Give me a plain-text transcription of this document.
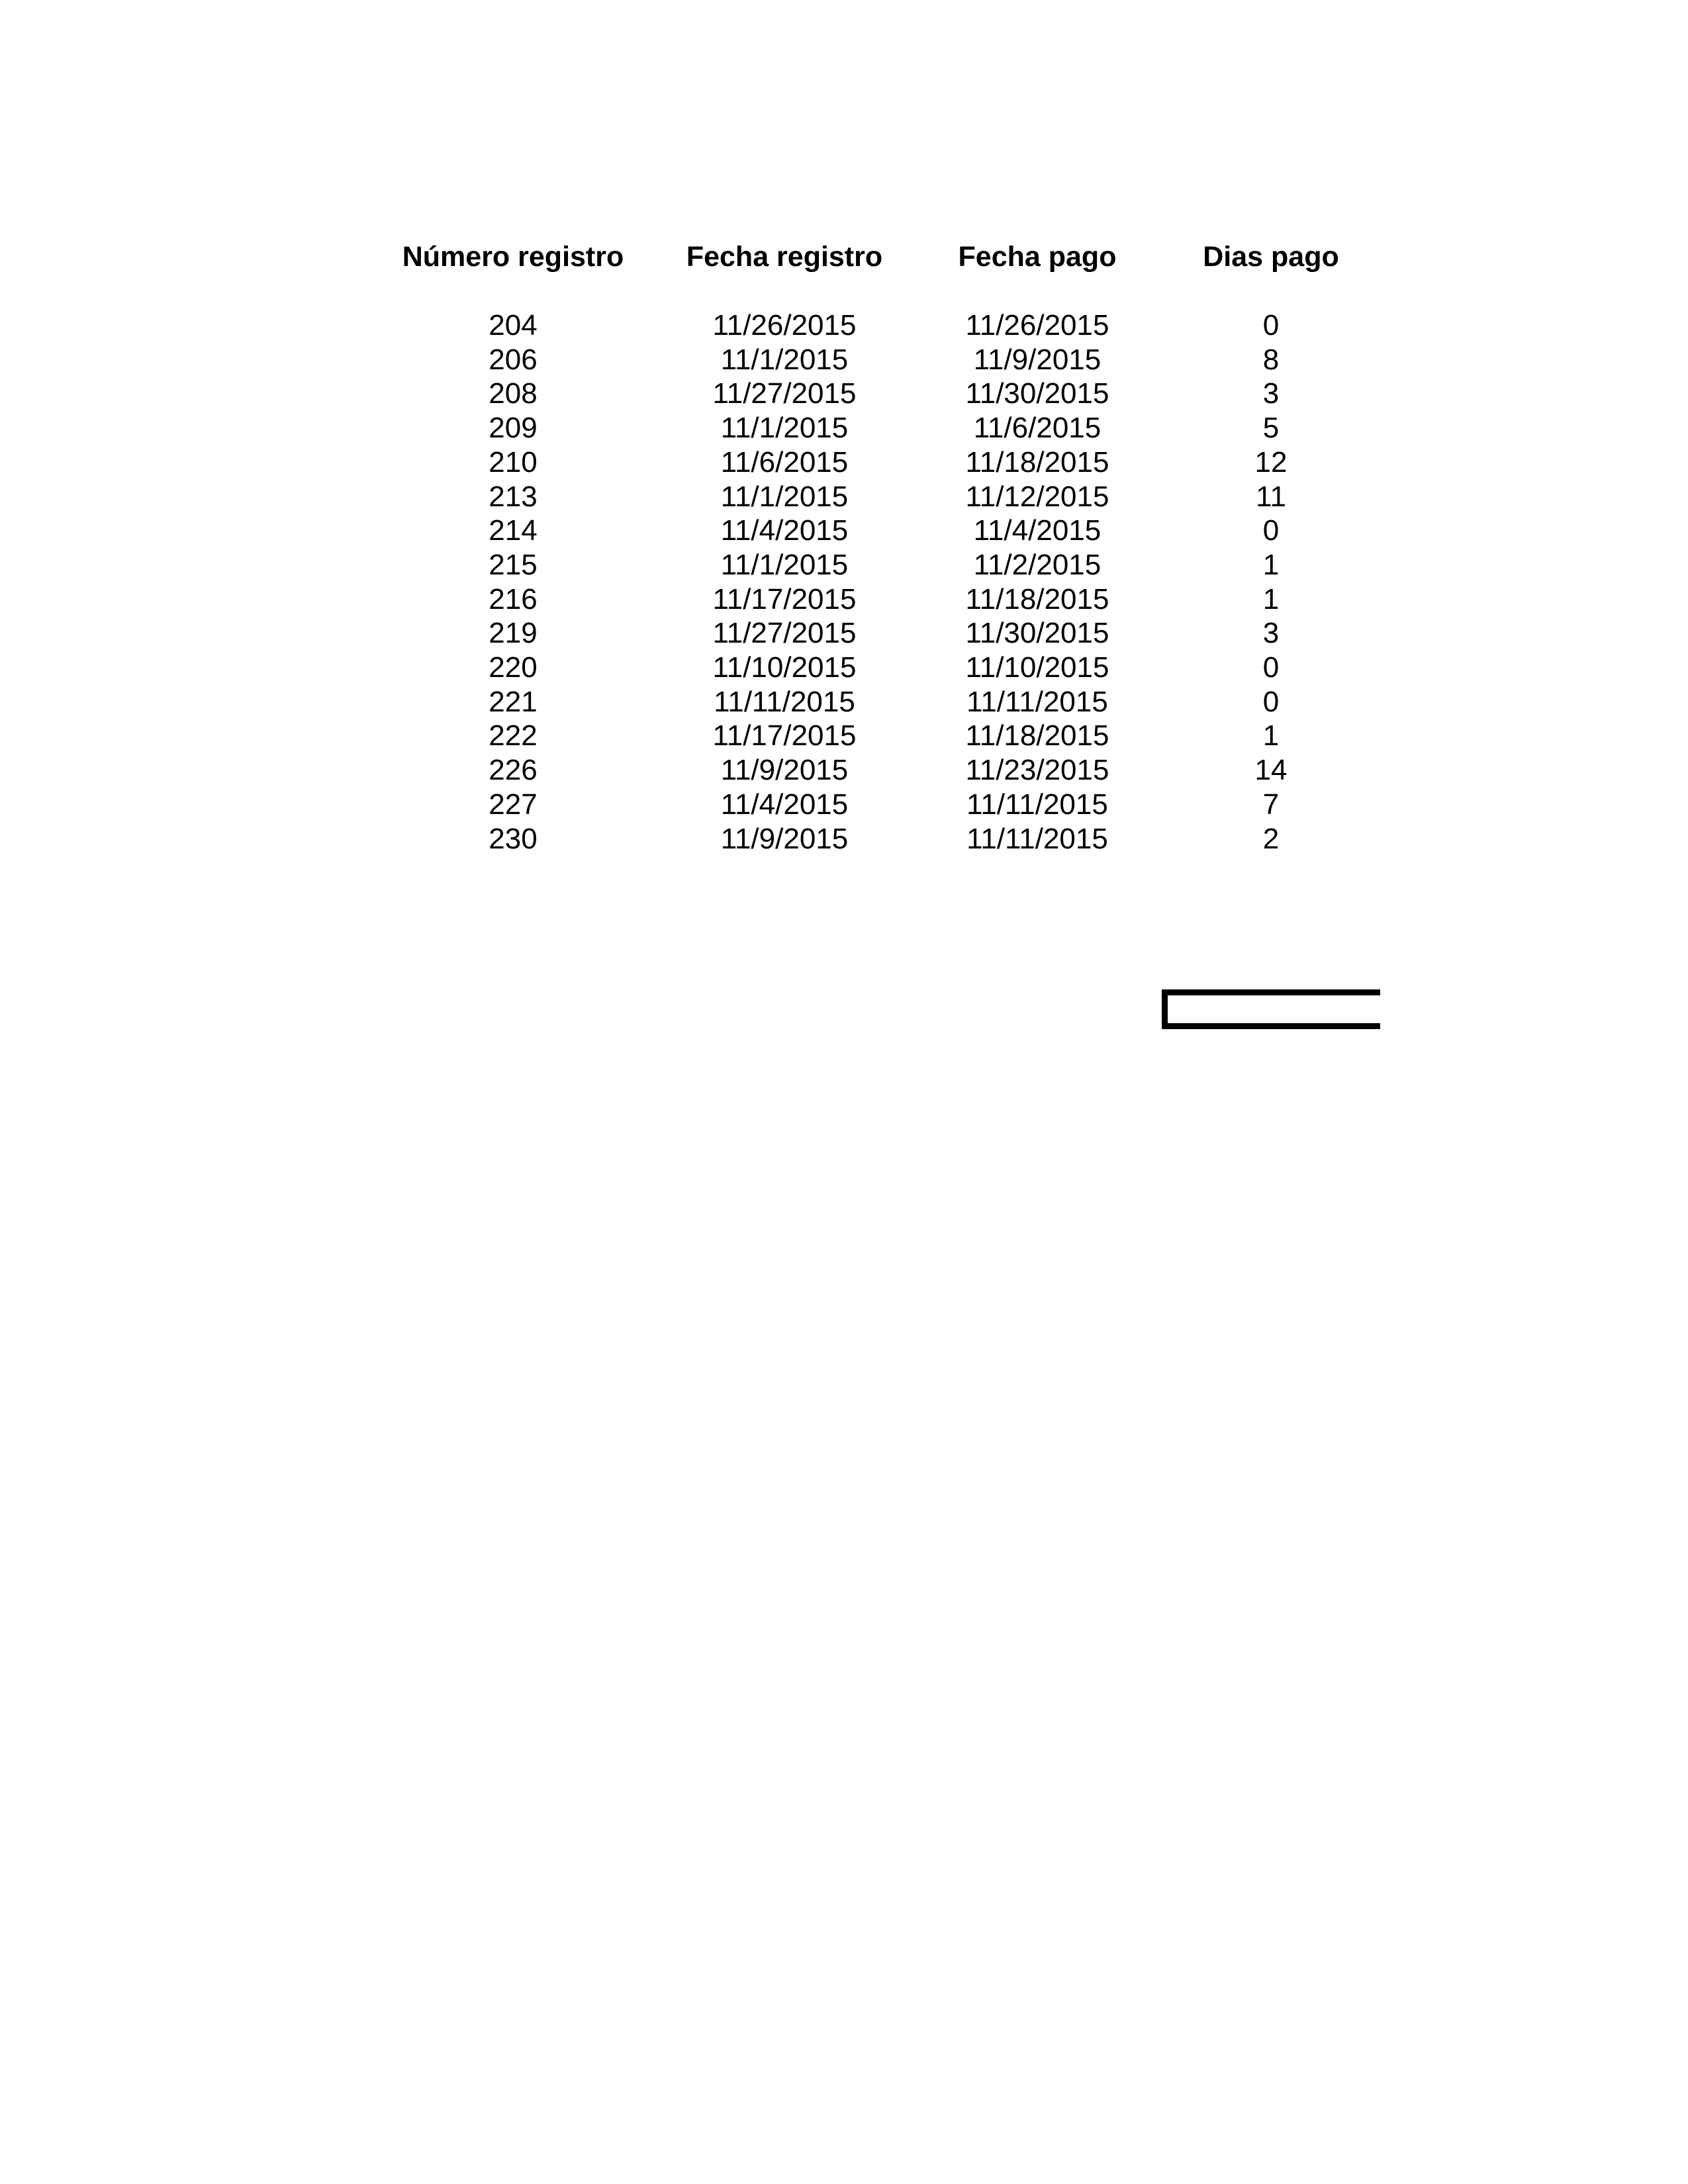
Número registro	Fecha registro	Fecha pago	Dias pago
204	11/26/2015	11/26/2015	0
206	11/1/2015	11/9/2015	8
208	11/27/2015	11/30/2015	3
209	11/1/2015	11/6/2015	5
210	11/6/2015	11/18/2015	12
213	11/1/2015	11/12/2015	11
214	11/4/2015	11/4/2015	0
215	11/1/2015	11/2/2015	1
216	11/17/2015	11/18/2015	1
219	11/27/2015	11/30/2015	3
220	11/10/2015	11/10/2015	0
221	11/11/2015	11/11/2015	0
222	11/17/2015	11/18/2015	1
226	11/9/2015	11/23/2015	14
227	11/4/2015	11/11/2015	7
230	11/9/2015	11/11/2015	2
